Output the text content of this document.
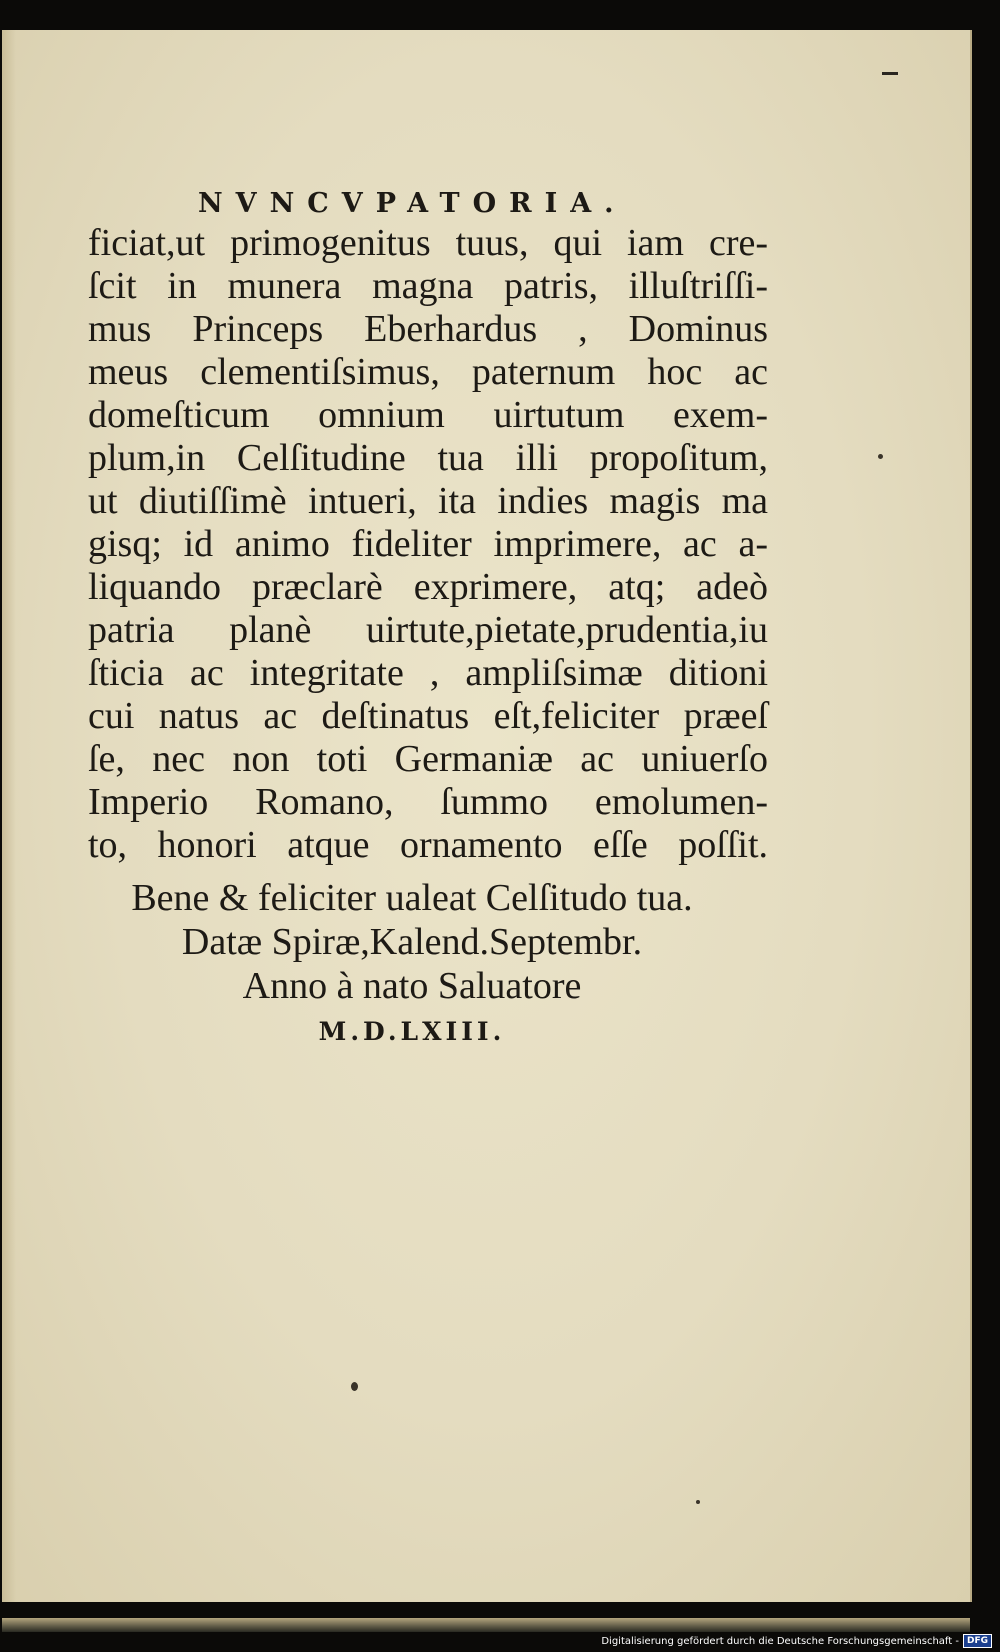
NVNCVPATORIA.
ficiat,ut primogenitus tuus, qui iam cre-
ſcit in munera magna patris, illuſtriſſi-
mus Princeps Eberhardus , Dominus
meus clementiſsimus, paternum hoc ac
domeſticum omnium uirtutum exem-
plum,in Celſitudine tua illi propoſitum,
ut diutiſſimè intueri, ita indies magis ma
gisq; id animo fideliter imprimere, ac a-
liquando præclarè exprimere, atq; adeò
patria planè uirtute,pietate,prudentia,iu
ſticia ac integritate , ampliſsimæ ditioni
cui natus ac deſtinatus eſt,feliciter præeſ
ſe, nec non toti Germaniæ ac uniuerſo
Imperio Romano, ſummo emolumen-
to, honori atque ornamento eſſe poſſit.
Bene & feliciter ualeat Celſitudo tua.
Datæ Spiræ,Kalend.Septembr.
Anno à nato Saluatore
M.D.LXIII.
Digitalisierung gefördert durch die Deutsche Forschungsgemeinschaft - DFG
